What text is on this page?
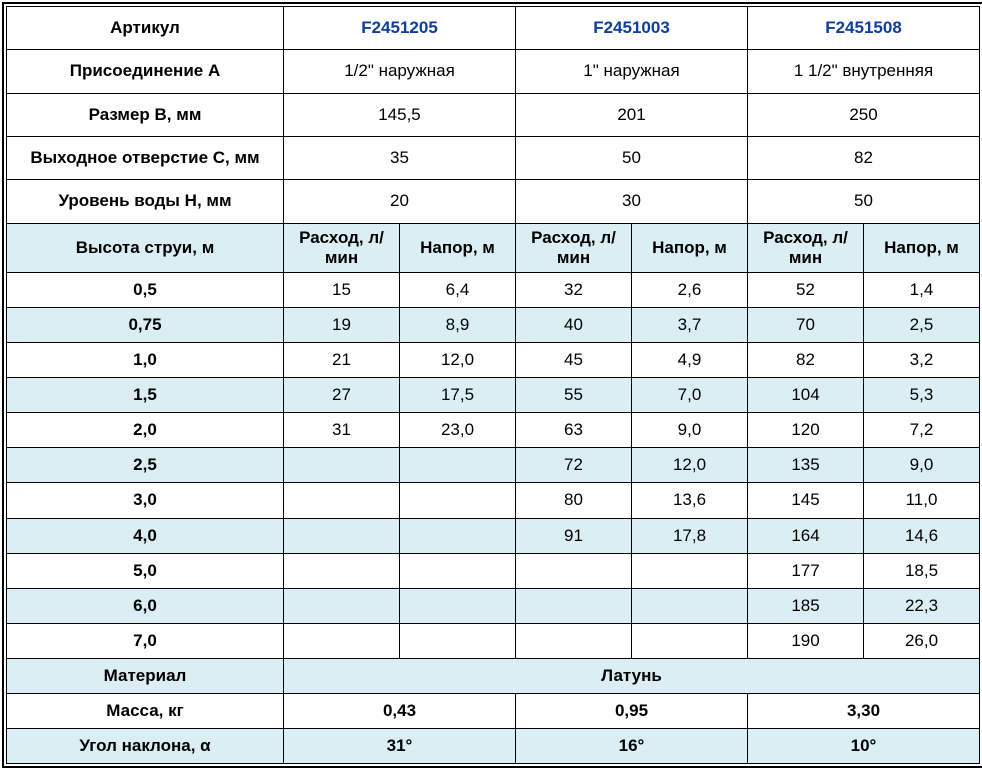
Артикул	F2451205		F2451003		F2451508	
Присоединение A	1/2" наружная		1" наружная		1 1/2" внутренняя	
Размер B, мм	145,5		201		250	
Выходное отверстие C, мм	35		50		82	
Уровень воды H, мм	20		30		50	
Высота струи, м	Расход, л/мин	Напор, м	Расход, л/мин	Напор, м	Расход, л/мин	Напор, м
0,5	15	6,4	32	2,6	52	1,4
0,75	19	8,9	40	3,7	70	2,5
1,0	21	12,0	45	4,9	82	3,2
1,5	27	17,5	55	7,0	104	5,3
2,0	31	23,0	63	9,0	120	7,2
2,5			72	12,0	135	9,0
3,0			80	13,6	145	11,0
4,0			91	17,8	164	14,6
5,0					177	18,5
6,0					185	22,3
7,0					190	26,0
Материал	Латунь					
Масса, кг	0,43		0,95		3,30	
Угол наклона, α	31°		16°		10°	
